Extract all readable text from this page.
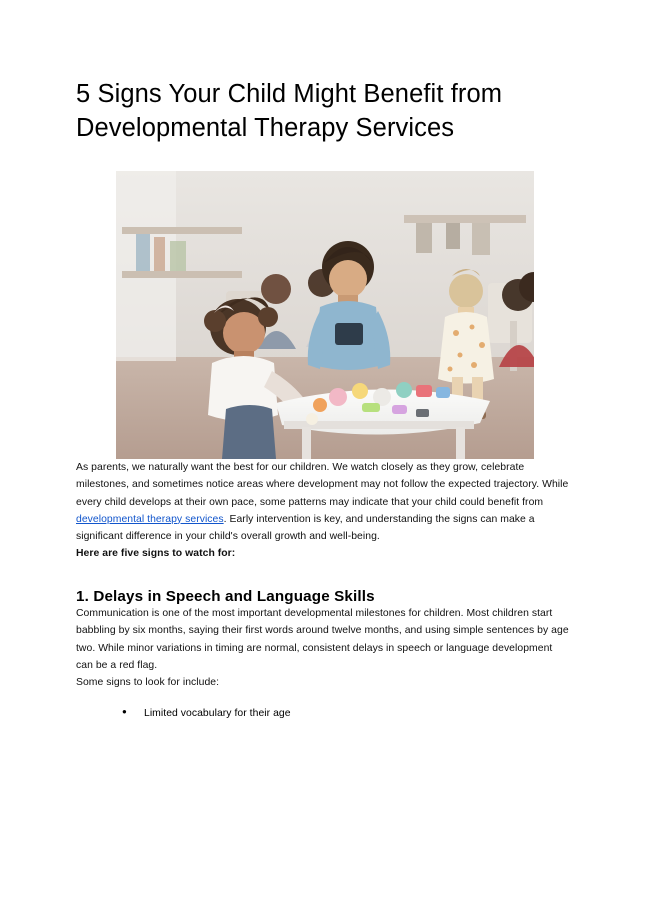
5 Signs Your Child Might Benefit from Developmental Therapy Services

As parents, we naturally want the best for our children. We watch closely as they grow, celebrate milestones, and sometimes notice areas where development may not follow the expected trajectory. While every child develops at their own pace, some patterns may indicate that your child could benefit from developmental therapy services. Early intervention is key, and understanding the signs can make a significant difference in your child's overall growth and well-being.

Here are five signs to watch for:

1. Delays in Speech and Language Skills

Communication is one of the most important developmental milestones for children. Most children start babbling by six months, saying their first words around twelve months, and using simple sentences by age two. While minor variations in timing are normal, consistent delays in speech or language development can be a red flag.

Some signs to look for include:

● Limited vocabulary for their age
